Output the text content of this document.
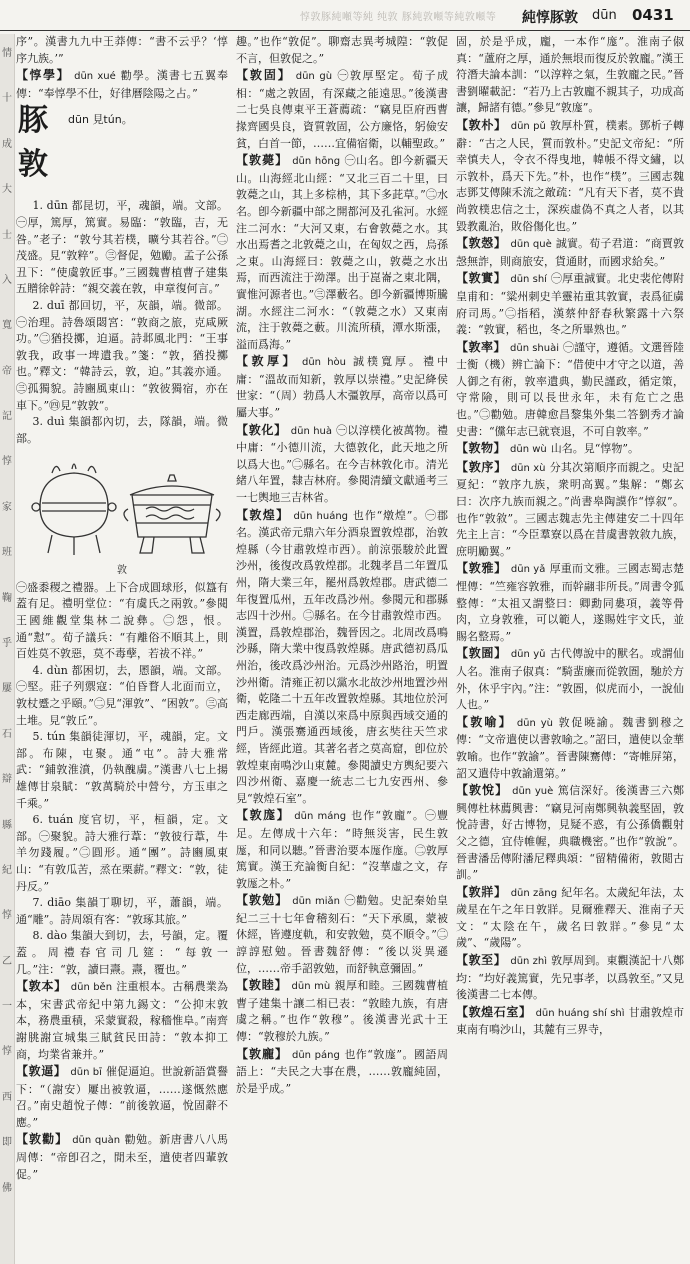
惇敦豚純噸等純 纯敦 豚純敦噸等純敦噸等 純惇豚敦 dūn 0431
情
十
成
大
士
入
寬
帝
記
惇
家
班
鞠
乎
屢
石
辯
縣
紀
惇
乙
一
惇
西
即
佛
序”。漢書九九中王莽傳：“書不云乎？‘惇序九族。’”
【惇學】 dūn xué 勸學。漢書七五翼奉傳：“奉惇學不仕，好律曆陰陽之占。”
豚 dūn 見tún。
敦
1. dūn 都昆切，平，魂韻，端。文部。㊀厚，篤厚，篤實。易臨：“敦臨，吉，无咎。”老子：“敦兮其若樸，曠兮其若谷。”㊁茂盛。見“敦粹”。㊂督促，勉勵。孟子公孫丑下：“使虞敦匠事。”三國魏曹植曹子建集五贈徐幹詩：“親交義在敦，申章復何言。”
2. duī 都回切，平，灰韻，端。微部。㊀治理。詩魯頌閟宮：“敦商之旅，克咸厥功。”㊁猶投擲，迫逼。詩邶風北門：“王事敦我，政事一埤遺我。”箋：“敦，猶投擲也。”釋文：“韓詩云，敦，迫。”其義亦通。㊂孤獨貌。詩豳風東山：“敦彼獨宿，亦在車下。”㊃見“敦敦”。
3. duì 集韻都內切，去，隊韻，端。微部。
敦
㊀盛黍稷之禮器。上下合成圓球形，似簋有蓋有足。禮明堂位：“有虞氏之兩敦。”參閱王國維觀堂集林二說彝。㊁怨，恨。通“懟”。荀子議兵：“有離俗不順其上，則百姓莫不敦惡，莫不毒孽，若祓不祥。”
4. dùn 都困切，去，慁韻，端。文部。㊀堅。莊子列禦寇：“伯昏瞀人北面而立，敦杖蹙之乎頤。”㊁見“渾敦”、“困敦”。㊂高土堆。見“敦丘”。
5. tún 集韻徒渾切，平，魂韻，定。文部。布陳，屯聚。通“屯”。詩大雅常武：“鋪敦淮濆，仍執醜虜。”漢書八七上揚雄傳甘泉賦：“敦萬騎於中營兮，方玉車之千乘。”
6. tuán 度官切，平，桓韻，定。文部。㊀聚貌。詩大雅行葦：“敦彼行葦，牛羊勿踐履。”㊁圓形。通“團”。詩豳風東山：“有敦瓜苦，烝在栗薪。”釋文：“敦，徒丹反。”
7. diāo 集韻丁聊切，平，蕭韻，端。通“雕”。詩周頌有客：“敦琢其旅。”
8. dào 集韻大到切，去，号韻，定。覆蓋。周禮春官司几筵：“每敦一几。”注：“敦，讀曰燾。燾，覆也。”
【敦本】 dūn běn 注重根本。古稱農業為本，宋書武帝紀中第九錫文：“公抑末敦本，務農重積，采蒙實殺，稼穡惟阜。”南齊謝朓謝宣城集三賦貧民田詩：“敦本抑工商，均業省兼并。”
【敦逼】 dūn bī 催促逼迫。世說新語賞譽下：“（謝安）屢出被敦逼，……遂慨然應召。”南史趙悅子傳：“前後敦逼，悅固辭不應。”
【敦勸】 dūn quàn 勸勉。新唐書八八馬周傳：“帝卽召之，閒未至，遣使者四輩敦促。”
趣。”也作“敦促”。聊齋志異考城隍：“敦促不言，但敦促之。”
【敦固】 dūn gù ㊀敦厚堅定。荀子成相：“處之敦固，有深藏之能遠思。”後漢書二七吳良傳東平王蒼薦疏：“竊見臣府西曹掾齊國吳良，資質敦固，公方廉恪，躬儉安貧，白首一節，……宜備宿衛，以輔聖政。”
【敦薨】 dūn hōng ㊀山名。卽今新疆天山。山海經北山經：“又北三百二十里，曰敦薨之山，其上多棕柟，其下多茈草。”㊁水名。卽今新疆中部之開都河及孔雀河。水經注二河水：“大河又東，右會敦薨之水。其水出焉耆之北敦薨之山，在匈奴之西，烏孫之東。山海經曰：敦薨之山，敦薨之水出焉，而西流注于泑澤。出于崑崙之東北隅，實惟河源者也。”㊂澤藪名。卽今新疆博斯騰湖。水經注二河水：“（敦薨之水）又東南流，注于敦薨之藪。川流所積，潭水斯漲，溢而爲海。”
【敦厚】 dūn hòu 誠樸寬厚。禮中庸：“溫故而知新，敦厚以崇禮。”史記絳侯世家：“（周）勃爲人木彊敦厚，高帝以爲可屬大事。”
【敦化】 dūn huà ㊀以淳樸化被萬物。禮中庸：“小德川流，大德敦化，此天地之所以爲大也。”㊁縣名。在今吉林敦化市。清光緒八年置，隸吉林府。參閱清續文獻通考三一七輿地三吉林省。
【敦煌】 dūn huáng 也作“燉煌”。㊀郡名。漢武帝元鼎六年分酒泉置敦煌郡，治敦煌縣（今甘肅敦煌市西）。前涼張駿於此置沙州，後復改爲敦煌郡。北魏孝昌二年置瓜州，隋大業三年，罷州爲敦煌郡。唐武德二年復置瓜州，五年改爲沙州。參閱元和郡縣志四十沙州。㊁縣名。在今甘肅敦煌市西。漢置，爲敦煌郡治，魏晉因之。北周改爲鳴沙縣，隋大業中復爲敦煌縣。唐武德初爲瓜州治，後改爲沙州治。元爲沙州路治，明置沙州衛。清雍正初以黨水北故沙州地置沙州衛，乾隆二十五年改置敦煌縣。其地位於河西走廊西端，自漢以來爲中原與西域交通的門戶。漢張騫通西域後，唐玄奘往天竺求經，皆經此道。其著名者之莫高窟，卽位於敦煌東南鳴沙山東麓。參閱讀史方輿紀要六四沙州衛、嘉慶一統志二七九安西州、參見“敦煌石室”。
【敦庬】 dūn máng 也作“敦龐”。㊀豐足。左傳成十六年：“時無災害，民生敦厖，和同以聽。”晉書治要本厖作庬。㊁敦厚篤實。漢王充論衡自紀：“沒華虛之文，存敦厖之朴。”
【敦勉】 dūn miǎn ㊀勸勉。史記秦始皇紀二三十七年會稽刻石：“天下承風，蒙被休經，皆遵度軌，和安敦勉，莫不順令。”㊁諄諄慰勉。晉書魏舒傳：“後以災異遜位，……帝手詔敦勉，而舒執意彌固。”
【敦睦】 dūn mù 親厚和睦。三國魏曹植曹子建集十讓二相已表：“敦睦九族，有唐虞之稱。”也作“敦穆”。後漢書光武十王傳：“敦穆於九族。”
【敦龐】 dūn páng 也作“敦庬”。國語周語上：“夫民之大事在農，……敦龐純固，於是乎成。”
固，於是乎成，龐，一本作“庬”。淮南子俶真：“蘆府之厚，通於無垠而復反於敦龐。”漢王符潛夫論本訓：“以淳粹之氣，生敦龐之民。”晉書劉曜載記：“若乃上古敦龐不親其子，功成高讓，歸諸有德。”參見“敦庬”。
【敦朴】 dūn pǔ 敦厚朴質，樸素。鄧析子轉辭：“古之人民，質而敦朴。”史記文帝紀：“所幸慎夫人，令衣不得曳地，幃帳不得文繡，以示敦朴，爲天下先。”朴，也作“樸”。三國志魏志鄧艾傳陳禾流之敵疏：“凡有天下者，莫不貴尚敦樸忠信之士，深疾虛偽不真之人者，以其毀教亂治，敗俗傷化也。”
【敦愨】 dūn què 誠實。荀子君道：“商賈敦愨無詐，則商旅安，貨通財，而國求給矣。”
【敦實】 dūn shí ㊀厚重誠實。北史裴佗傳附皇甫和：“粱州刺史羊靈祐重其敦實，表爲征虜府司馬。”㊁指稻，漢蔡仲舒春秋繁露十六祭義：“敦實，稻也，冬之所畢熟也。”
【敦率】 dūn shuài ㊀謹守，遵循。文選晉陸士衡（機）辨亡論下：“借使中才守之以道，善人御之有術，敦率遺典，勤民謹政，循定策，守常險，則可以長世永年，未有危亡之患也。”㊁勸勉。唐韓愈昌黎集外集二答劉秀才論史書：“儻年志已就衰退，不可自敦率。”
【敦物】 dūn wù 山名。見“惇物”。
【敦序】 dūn xù 分其次第順序而親之。史記夏紀：“敦序九族，衆明高翼。”集解：“鄭玄曰：次序九族而親之。”尚書皋陶謨作“惇叙”。也作“敦敘”。三國志魏志先主傳建安二十四年先主上言：“今臣羣寮以爲在昔虞書敦敘九族，庶明勵翼。”
【敦雅】 dūn yǎ 厚重而文雅。三國志蜀志楚悝傳：“竺雍容敦雅，而幹翮非所長。”周書令狐整傳：“太祖又謂整曰：卿勳同婁項，義等骨肉，立身敦雅，可以範人，遂賜姓宇文氏，並賜名整焉。”
【敦圄】 dūn yǔ 古代傳說中的獸名。或謂仙人名。淮南子俶真：“騎蜚廉而從敦圄，馳於方外，休乎宇內。”注：“敦圄，似虎而小，一說仙人也。”
【敦喻】 dūn yù 敦促曉諭。魏書劉穆之傳：“文帝遣使以書敦喻之。”詔曰，遣使以金華敦喻。也作“敦諭”。晉書陳騫傳：“寄帷屏第，詔又遣侍中敦諭還第。”
【敦悅】 dūn yuè 篤信深好。後漢書三六鄭興傳杜林薦興書：“竊見河南鄭興執義堅固，敦悅詩書，好古博物，見疑不惑，有公孫僑觀射父之德，宜侍帷幄，典職機密。”也作“敦說”。晉書潘岳傳附潘尼釋典頌：“留精備術，敦閲古訓。”
【敦牂】 dūn zāng 紀年名。太歲紀年法，太歲星在午之年日敦牂。見爾雅釋天、淮南子天文：“太陰在午，歲名曰敦牂。”參見“太歲”、“歲陽”。
【敦至】 dūn zhì 敦厚周到。東觀漢記十八鄭均：“均好義篤實，先兄事孝，以爲敦至。”又見後漢書二七本傳。
【敦煌石室】 dūn huáng shí shì 甘肅敦煌市東南有鳴沙山，其麓有三界寺，
